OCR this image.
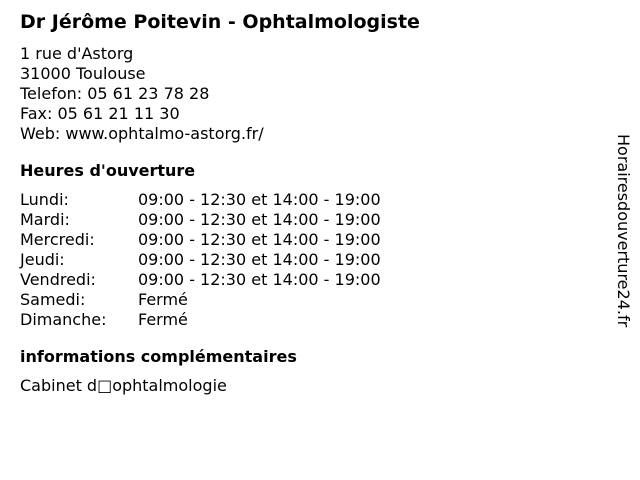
Dr Jérôme Poitevin - Ophtalmologiste
1 rue d'Astorg
31000 Toulouse
Telefon: 05 61 23 78 28
Fax: 05 61 21 11 30
Web: www.ophtalmo-astorg.fr/
Heures d'ouverture
Lundi:	09:00 - 12:30 et 14:00 - 19:00
Mardi:	09:00 - 12:30 et 14:00 - 19:00
Mercredi:	09:00 - 12:30 et 14:00 - 19:00
Jeudi:	09:00 - 12:30 et 14:00 - 19:00
Vendredi:	09:00 - 12:30 et 14:00 - 19:00
Samedi:	Fermé
Dimanche:	Fermé
informations complémentaires
Cabinet d□ophtalmologie
Horairesdouverture24.fr
